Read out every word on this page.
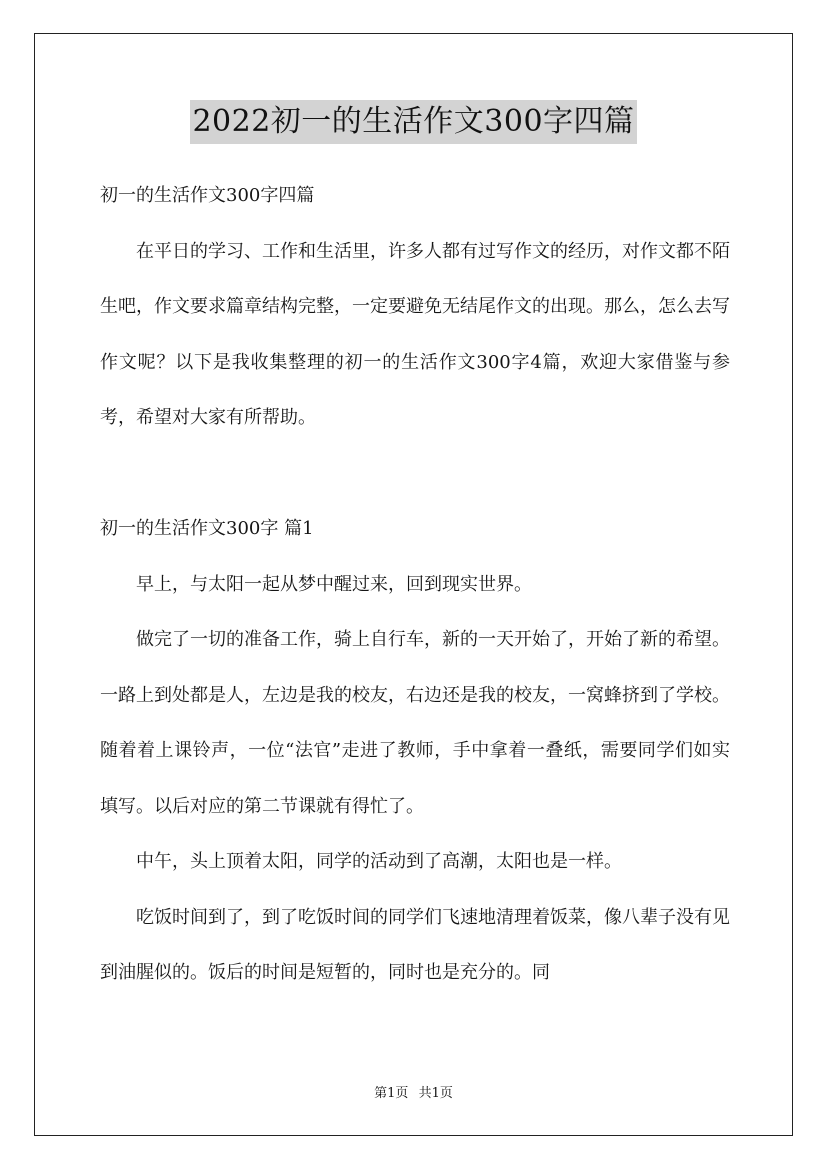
2022初一的生活作文300字四篇

初一的生活作文300字四篇

在平日的学习、工作和生活里，许多人都有过写作文的经历，对作文都不陌生吧，作文要求篇章结构完整，一定要避免无结尾作文的出现。那么，怎么去写作文呢？以下是我收集整理的初一的生活作文300字4篇，欢迎大家借鉴与参考，希望对大家有所帮助。

初一的生活作文300字 篇1

早上，与太阳一起从梦中醒过来，回到现实世界。

做完了一切的准备工作，骑上自行车，新的一天开始了，开始了新的希望。一路上到处都是人，左边是我的校友，右边还是我的校友，一窝蜂挤到了学校。随着着上课铃声，一位“法官”走进了教师，手中拿着一叠纸，需要同学们如实填写。以后对应的第二节课就有得忙了。

中午，头上顶着太阳，同学的活动到了高潮，太阳也是一样。

吃饭时间到了，到了吃饭时间的同学们飞速地清理着饭菜，像八辈子没有见到油腥似的。饭后的时间是短暂的，同时也是充分的。同

第1页 共1页
